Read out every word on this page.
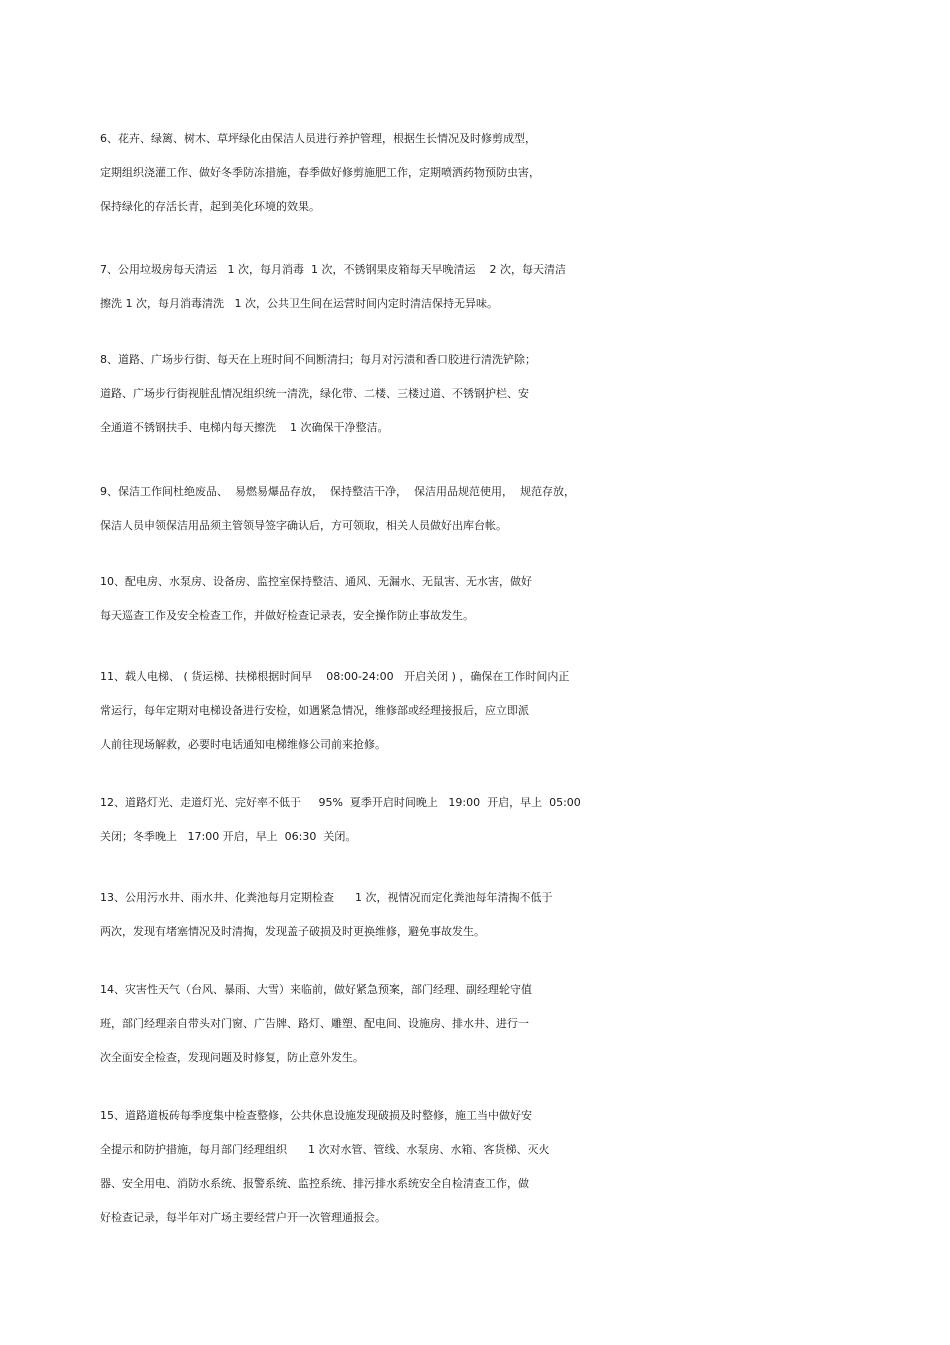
6、花卉、绿篱、树木、草坪绿化由保洁人员进行养护管理，根据生长情况及时修剪成型，
定期组织浇灌工作、做好冬季防冻措施，春季做好修剪施肥工作，定期喷洒药物预防虫害，
保持绿化的存活长青，起到美化环境的效果。
7、公用垃圾房每天清运   1 次，每月消毒  1 次，不锈钢果皮箱每天早晚清运    2 次，每天清洁
擦洗 1 次，每月消毒清洗   1 次，公共卫生间在运营时间内定时清洁保持无异味。
8、道路、广场步行街、每天在上班时间不间断清扫；每月对污渍和香口胶进行清洗铲除；
道路、广场步行街视脏乱情况组织统一清洗，绿化带、二楼、三楼过道、不锈钢护栏、安
全通道不锈钢扶手、电梯内每天擦洗    1 次确保干净整洁。
9、保洁工作间杜绝废品、  易燃易爆品存放，  保持整洁干净，  保洁用品规范使用，  规范存放，
保洁人员申领保洁用品须主管领导签字确认后，方可领取，相关人员做好出库台帐。
10、配电房、水泵房、设备房、监控室保持整洁、通风、无漏水、无鼠害、无水害，做好
每天巡查工作及安全检查工作，并做好检查记录表，安全操作防止事故发生。
11、载人电梯、 ( 货运梯、扶梯根据时间早    08:00-24:00   开启关闭 ) ，确保在工作时间内正
常运行，每年定期对电梯设备进行安检，如遇紧急情况，维修部或经理接报后，应立即派
人前往现场解救，必要时电话通知电梯维修公司前来抢修。
12、道路灯光、走道灯光、完好率不低于     95%  夏季开启时间晚上   19:00  开启，早上  05:00
关闭；冬季晚上   17:00 开启，早上  06:30  关闭。
13、公用污水井、雨水井、化粪池每月定期检查      1 次，视情况而定化粪池每年清掏不低于
两次，发现有堵塞情况及时清掏，发现盖子破损及时更换维修，避免事故发生。
14、灾害性天气（台风、暴雨、大雪）来临前，做好紧急预案，部门经理、副经理轮守值
班，部门经理亲自带头对门窗、广告牌、路灯、雕塑、配电间、设施房、排水井、进行一
次全面安全检查，发现问题及时修复，防止意外发生。
15、道路道板砖每季度集中检查整修，公共休息设施发现破损及时整修，施工当中做好安
全提示和防护措施，每月部门经理组织      1 次对水管、管线、水泵房、水箱、客货梯、灭火
器、安全用电、消防水系统、报警系统、监控系统、排污排水系统安全自检清查工作，做
好检查记录，每半年对广场主要经营户开一次管理通报会。
